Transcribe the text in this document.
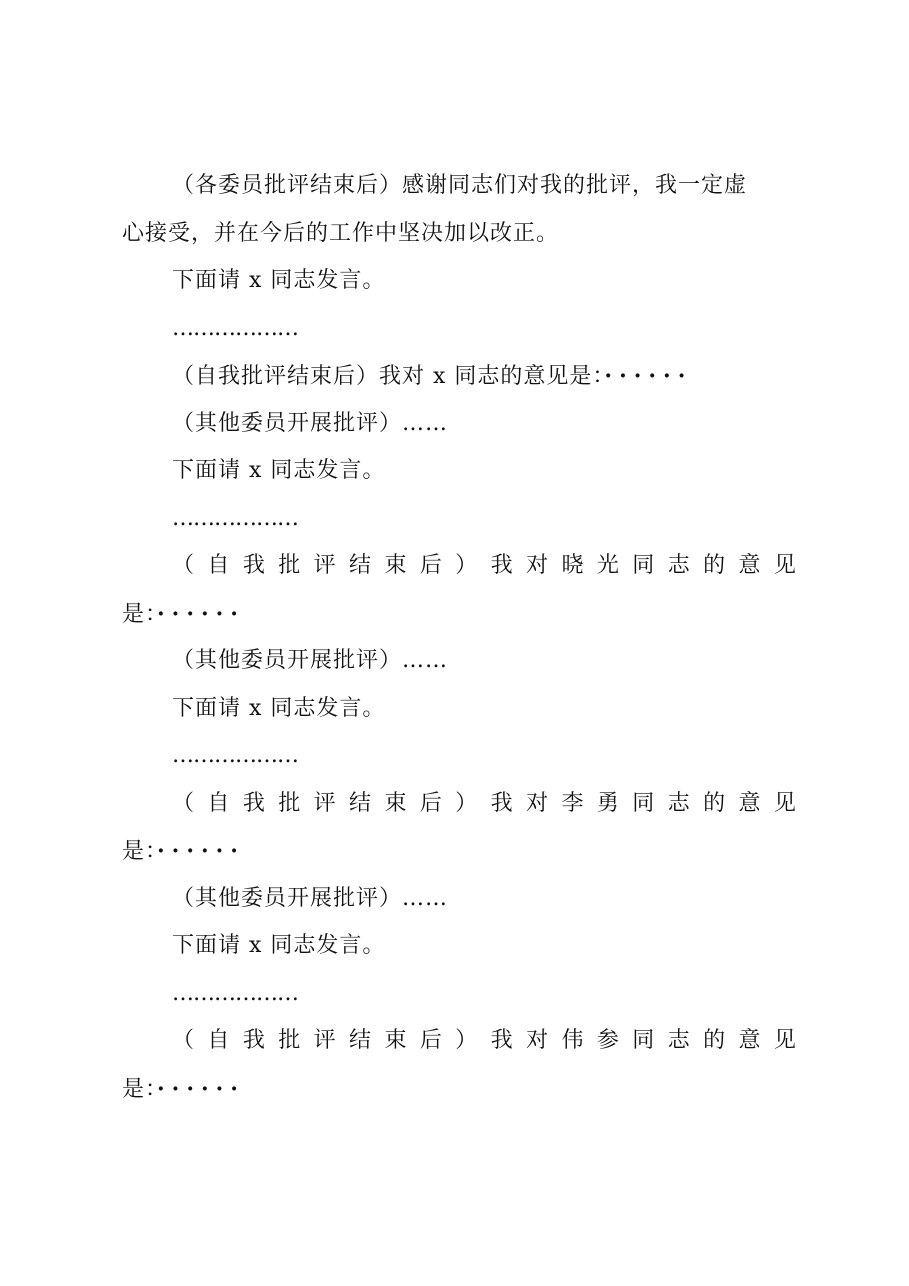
（各委员批评结束后）感谢同志们对我的批评，我一定虚
心接受，并在今后的工作中坚决加以改正。
下面请 x 同志发言。
………………
（自我批评结束后）我对 x 同志的意见是：······
（其他委员开展批评）……
下面请 x 同志发言。
………………
（ 自 我 批 评 结 束 后 ） 我 对 晓 光 同 志 的 意 见
是：······
（其他委员开展批评）……
下面请 x 同志发言。
………………
（ 自 我 批 评 结 束 后 ） 我 对 李 勇 同 志 的 意 见
是：······
（其他委员开展批评）……
下面请 x 同志发言。
………………
（ 自 我 批 评 结 束 后 ） 我 对 伟 参 同 志 的 意 见
是：······
